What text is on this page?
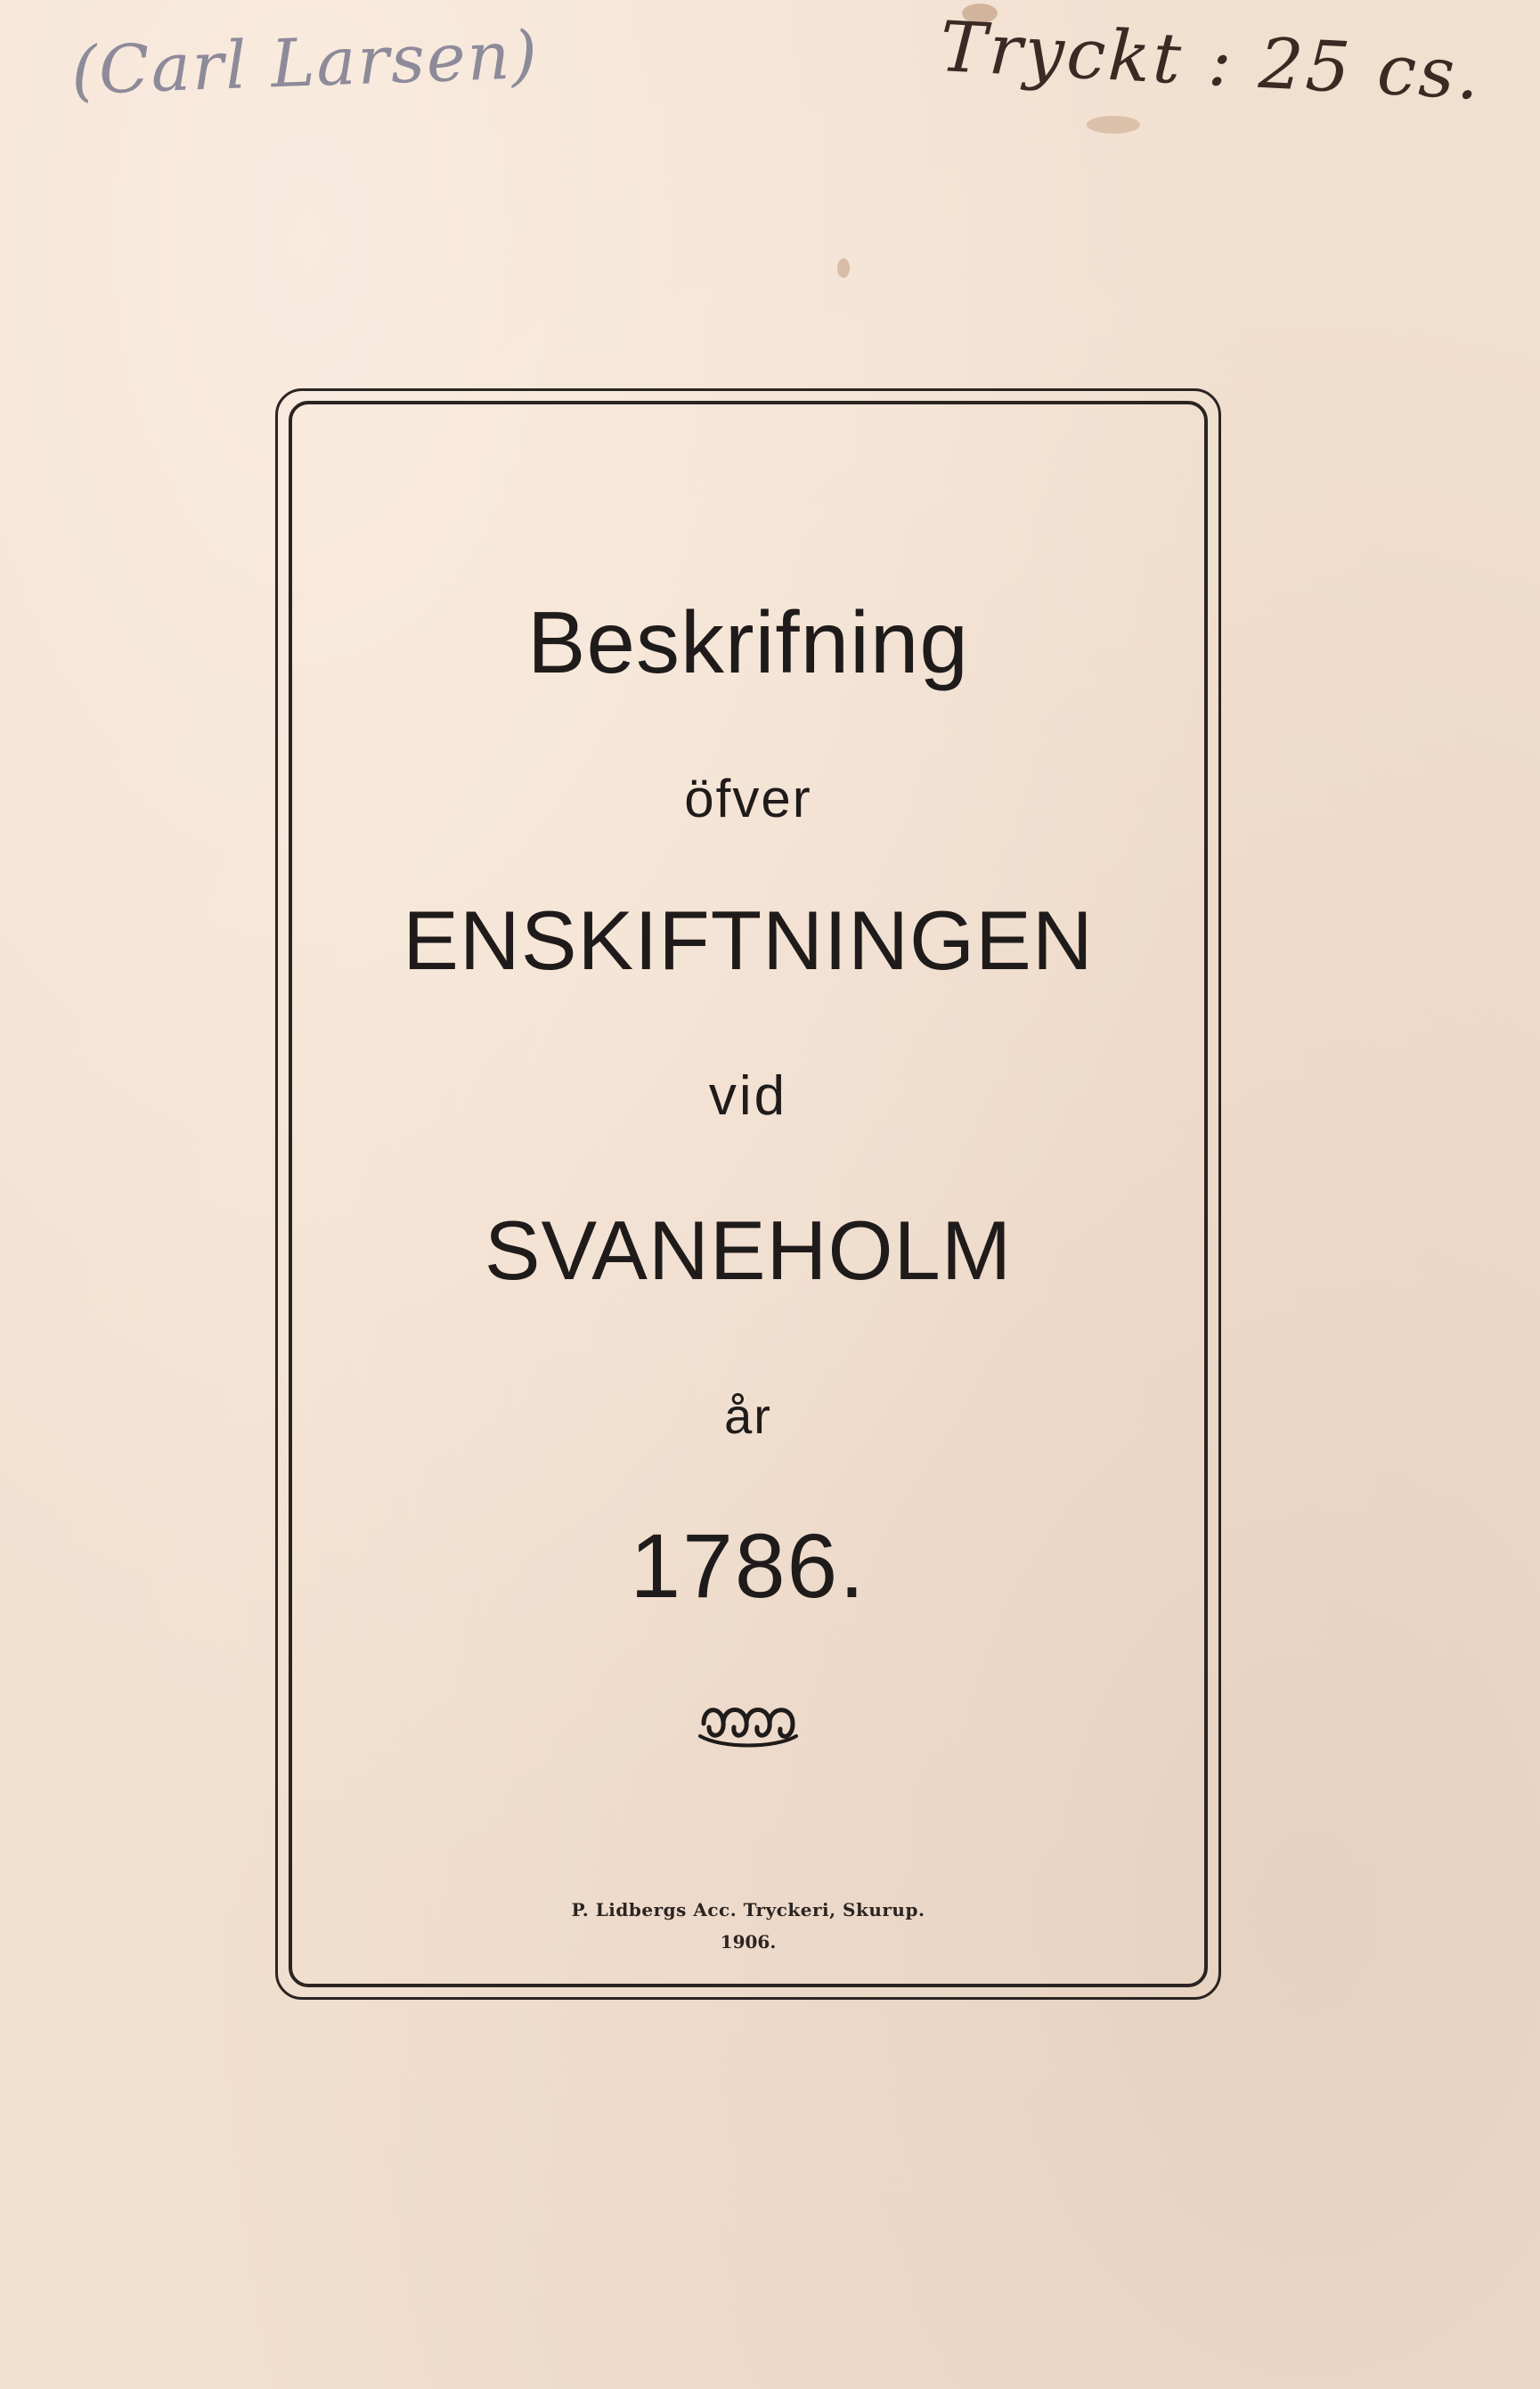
(Carl Larsen)	Tryckt : 25 cs.
Beskrifning
öfver
ENSKIFTNINGEN
vid
SVANEHOLM
år
1786.
P. Lidbergs Acc. Tryckeri, Skurup.
1906.
